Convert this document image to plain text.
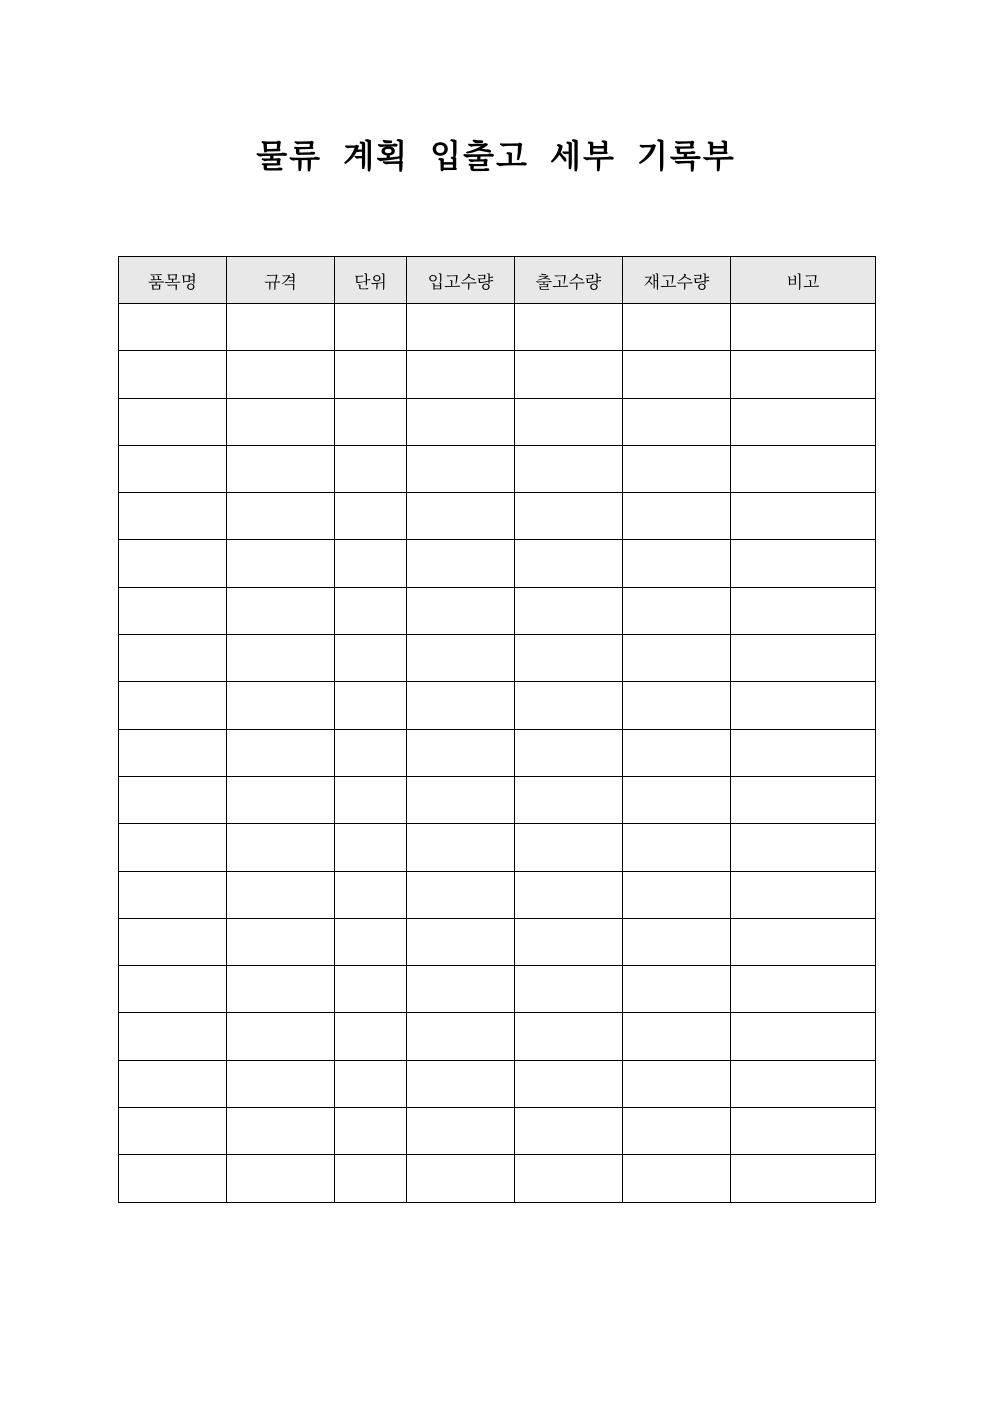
물류 계획 입출고 세부 기록부
품목명	규격	단위	입고수량	출고수량	재고수량	비고
